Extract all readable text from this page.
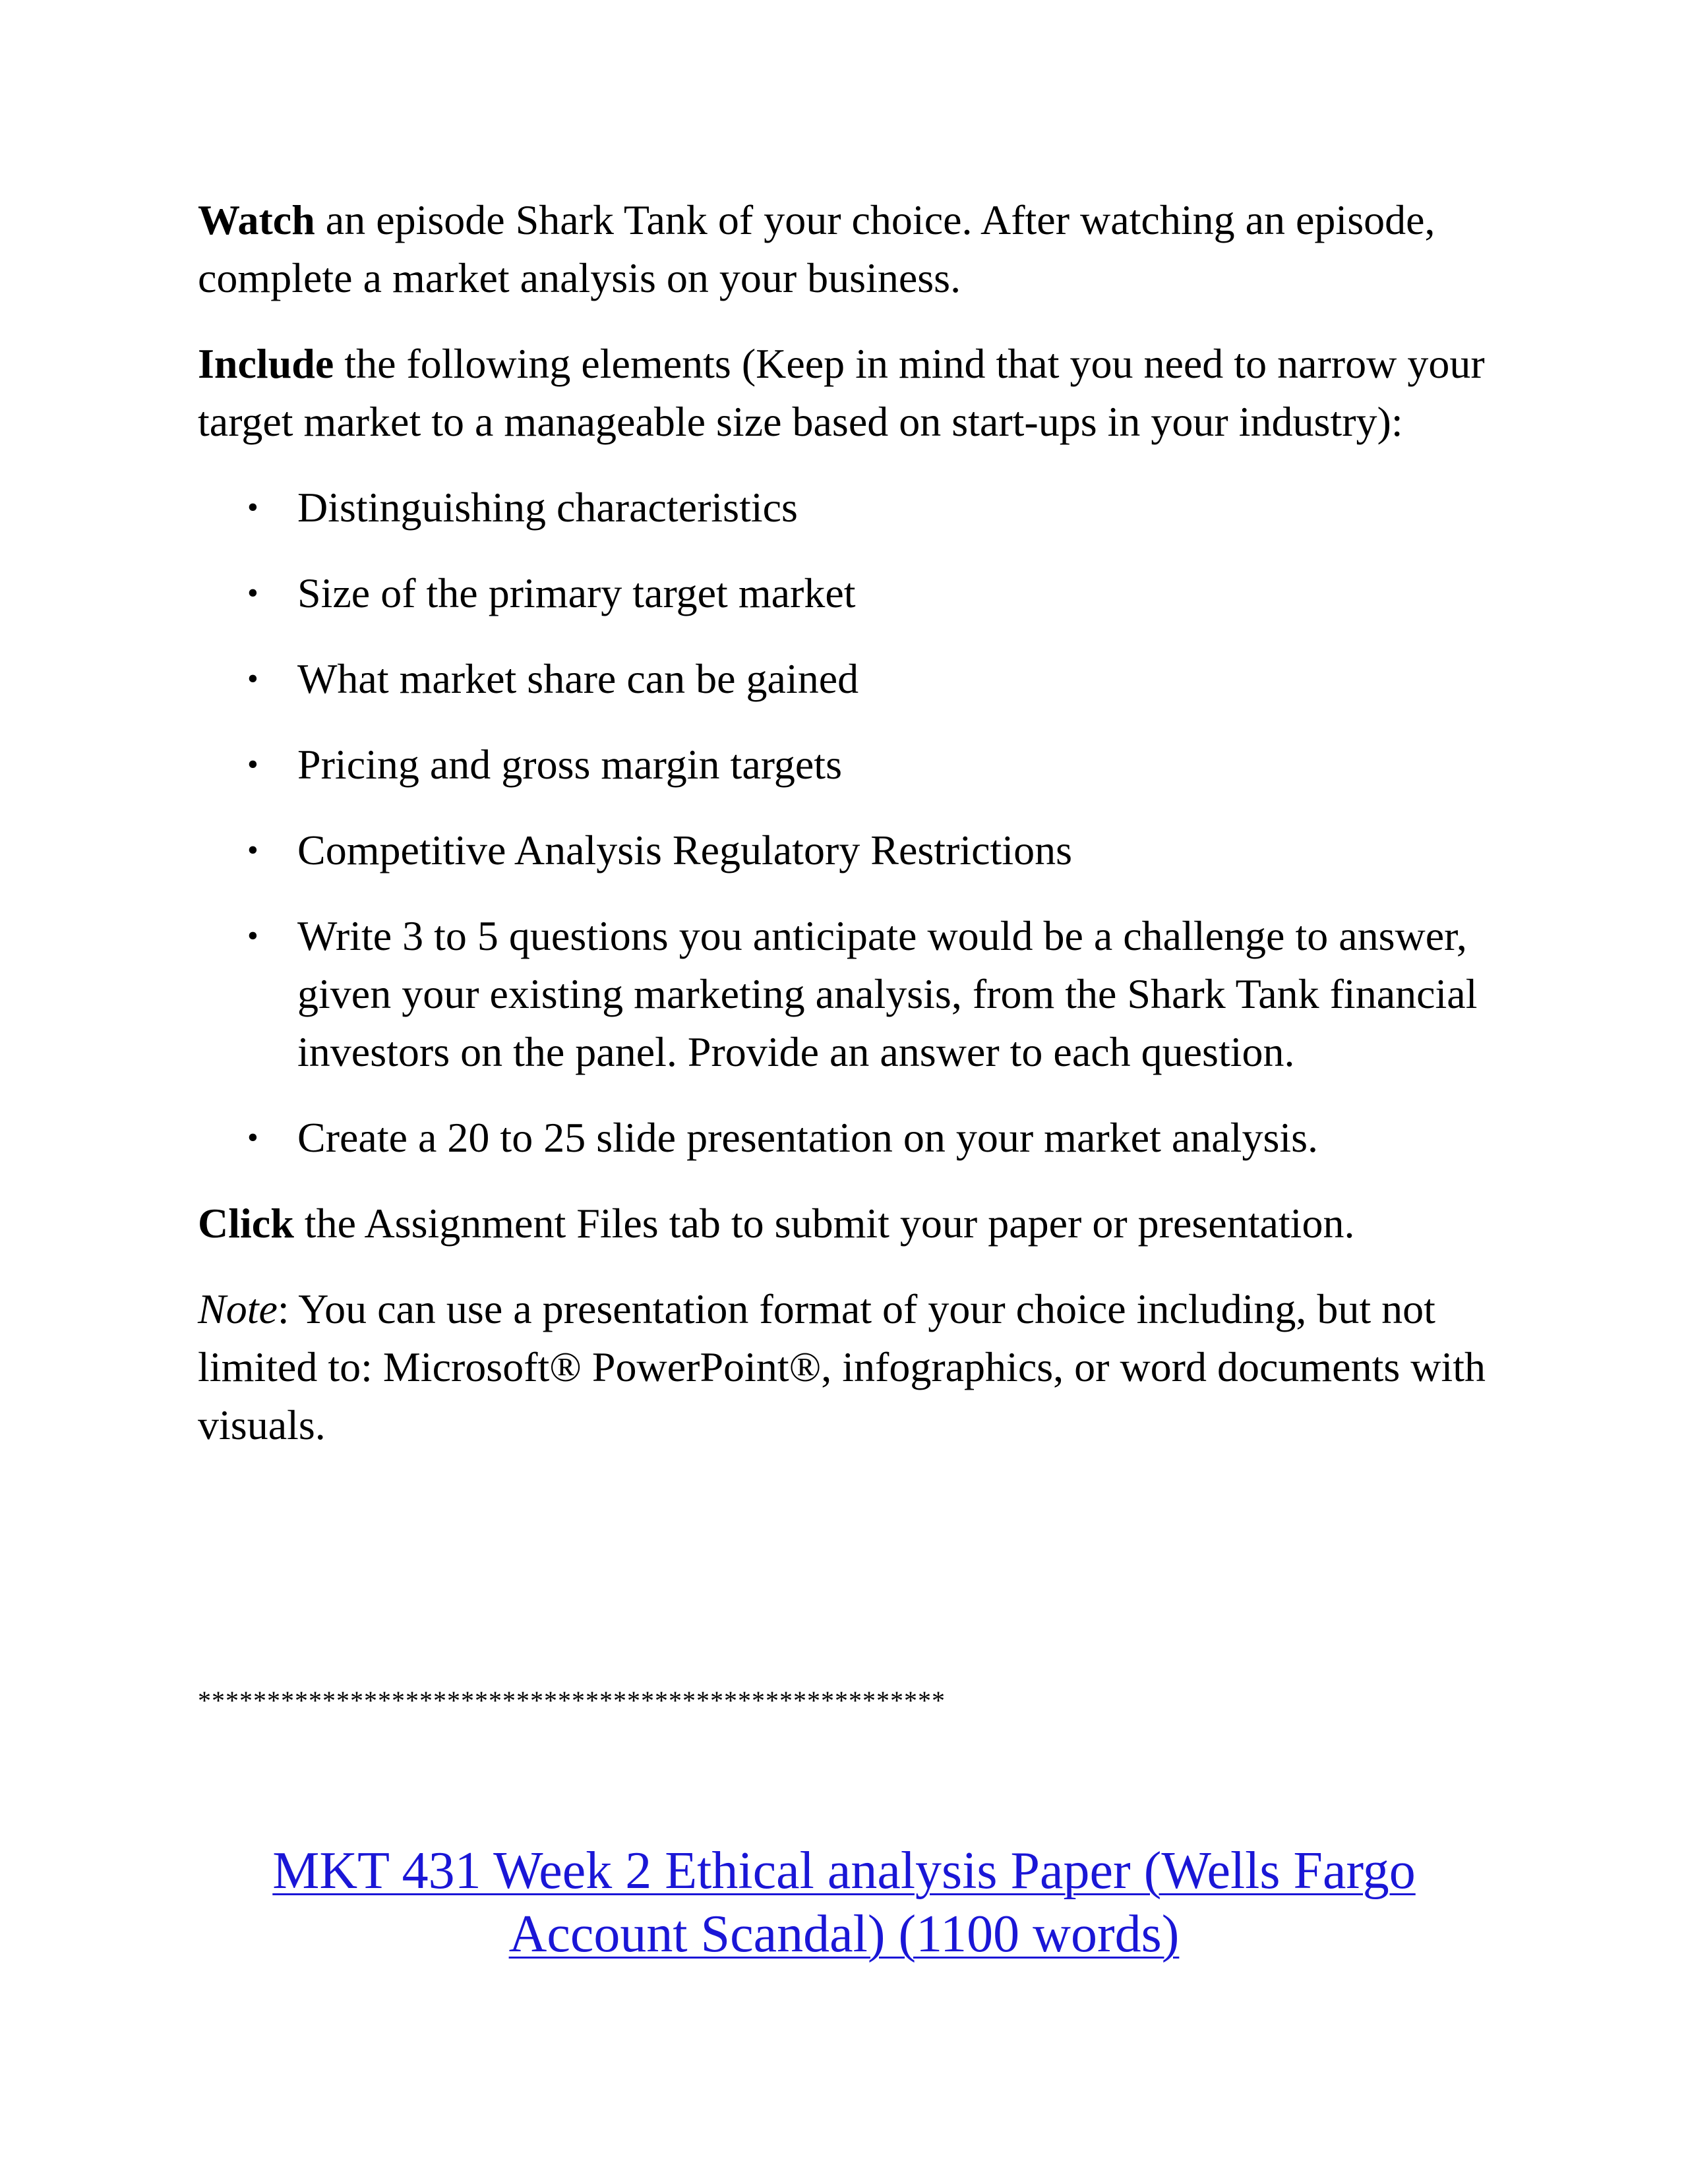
Watch an episode Shark Tank of your choice. After watching an episode, complete a market analysis on your business.

Include the following elements (Keep in mind that you need to narrow your target market to a manageable size based on start-ups in your industry):

• Distinguishing characteristics
• Size of the primary target market
• What market share can be gained
• Pricing and gross margin targets
• Competitive Analysis Regulatory Restrictions
• Write 3 to 5 questions you anticipate would be a challenge to answer, given your existing marketing analysis, from the Shark Tank financial investors on the panel. Provide an answer to each question.
• Create a 20 to 25 slide presentation on your market analysis.

Click the Assignment Files tab to submit your paper or presentation.

Note: You can use a presentation format of your choice including, but not limited to: Microsoft® PowerPoint®, infographics, or word documents with visuals.

******************************************************
MKT 431 Week 2 Ethical analysis Paper (Wells Fargo Account Scandal) (1100 words)
